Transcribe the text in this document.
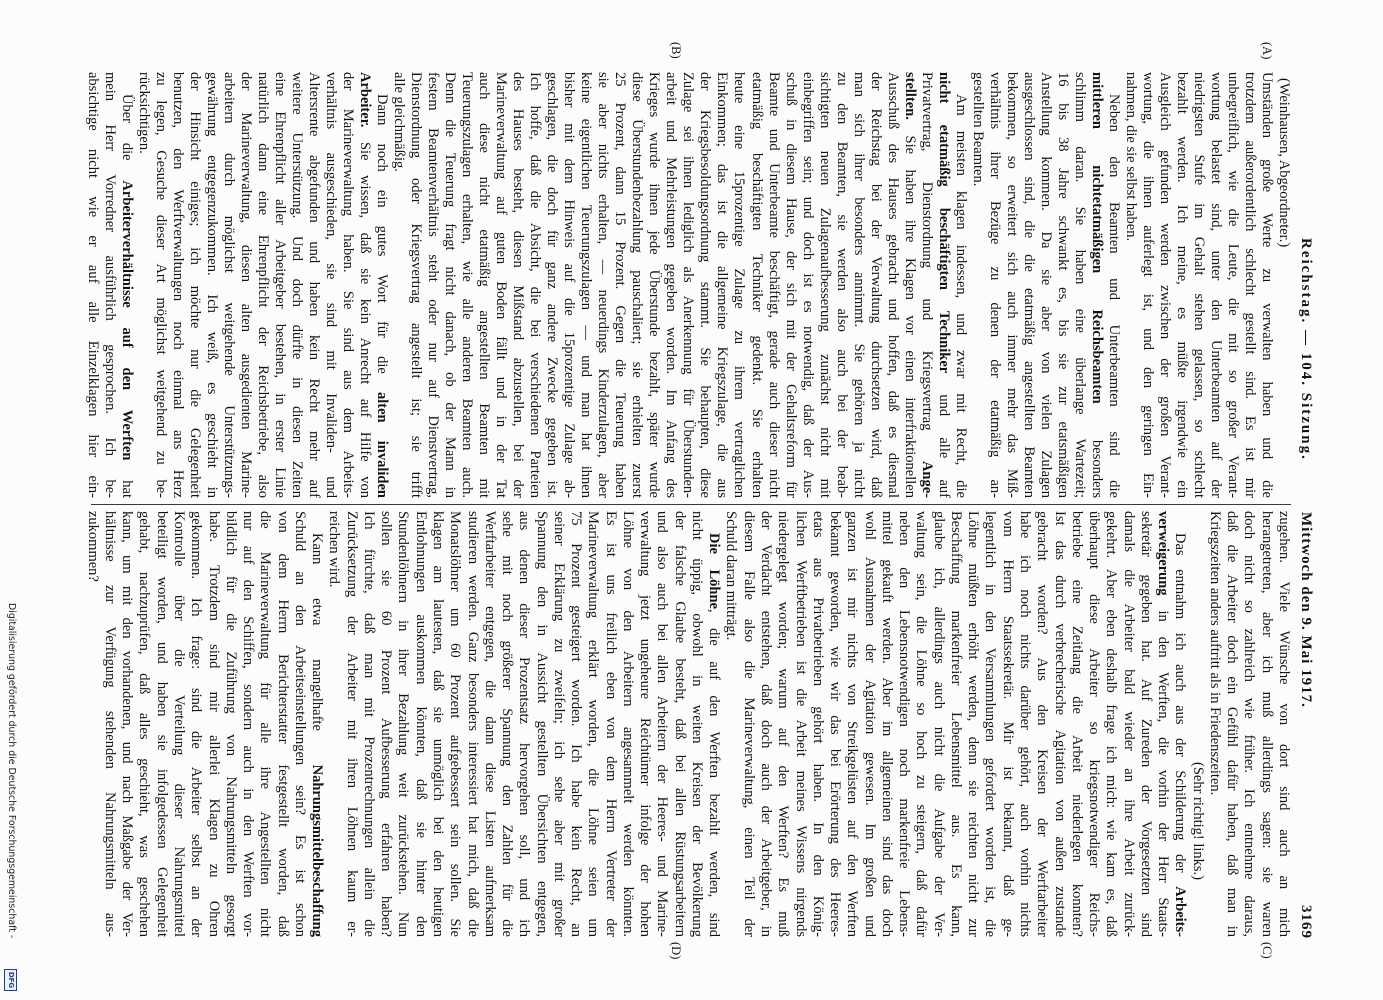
Reichstag. — 104. Sitzung.
Mittwoch den 9. Mai 1917.
3169
(A)
(B)
(C)
(D)
(Weinhausen, Abgeordneter.)
Umständen große Werte zu verwalten haben und die
trotzdem außerordentlich schlecht gestellt sind. Es ist mir
unbegreiflich, wie die Leute, die mit so großer Verant-
wortung belastet sind, unter den Unterbeamten auf der
niedrigsten Stufe im Gehalt stehen gelassen, so schlecht
bezahlt werden. Ich meine, es müßte irgendwie ein
Ausgleich gefunden werden zwischen der großen Verant-
wortung, die ihnen auferlegt ist, und den geringen Ein-
nahmen, die sie selbst haben.
Neben den Beamten und Unterbeamten sind die
mittleren nichtetatmäßigen Reichsbeamten besonders
schlimm daran. Sie haben eine überlange Wartezeit;
16 bis 38 Jahre schwankt es, bis sie zur etatsmäßigen
Anstellung kommen. Da sie aber von vielen Zulagen
ausgeschlossen sind, die die etatmäßig angestellten Beamten
bekommen, so erweitert sich auch immer mehr das Miß-
verhältnis ihrer Bezüge zu denen der etatmäßig an-
gestellten Beamten.
Am meisten klagen indessen, und zwar mit Recht, die
nicht etatmäßig beschäftigten Techniker und alle auf
Privatvertrag, Dienstordnung und Kriegsvertrag Ange-
stellten. Sie haben ihre Klagen vor einen interfraktionellen
Ausschuß des Hauses gebracht und hoffen, daß es diesmal
der Reichstag bei der Verwaltung durchsetzen wird, daß
man sich ihrer besonders annimmt. Sie gehören ja nicht
zu den Beamten, sie werden also auch bei der beab-
sichtigten neuen Zulagenaufbesserung zunächst nicht mit
einbegriffen sein; und doch ist es notwendig, daß der Aus-
schuß in diesem Hause, der sich mit der Gehaltsreform für
Beamte und Unterbeamte beschäftigt, gerade auch dieser nicht
etatmäßig beschäftigten Techniker gedenkt. Sie erhalten
heute eine 15prozentige Zulage zu ihrem vertraglichen
Einkommen; das ist die allgemeine Kriegszulage, die aus
der Kriegsbesoldungsordnung stammt. Sie behaupten, diese
Zulage sei ihnen lediglich als Anerkennung für Überstunden-
arbeit und Mehrleistungen gegeben worden. Im Anfang des
Krieges wurde ihnen jede Überstunde bezahlt, später wurde
diese Überstundenbezahlung pauschaliert; sie erhielten zuerst
25 Prozent, dann 15 Prozent. Gegen die Teuerung haben
sie aber nichts erhalten, — neuerdings Kinderzulagen, aber
keine eigentlichen Teuerungszulagen — und man hat ihnen
bisher mit dem Hinweis auf die 15prozentige Zulage ab-
geschlagen, die doch für ganz andere Zwecke gegeben ist.
Ich hoffe, daß die Absicht, die bei verschiedenen Parteien
des Hauses besteht, diesen Mißstand abzustellen, bei der
Marineverwaltung auf guten Boden fällt und in der Tat
auch diese nicht etatmäßig angestellten Beamten mit
Teuerungszulagen erhalten, wie alle anderen Beamten auch.
Denn die Teuerung fragt nicht danach, ob der Mann in
festem Beamtenverhältnis steht oder nur auf Dienstvertrag,
Dienstordnung oder Kriegsvertrag angestellt ist; sie trifft
alle gleichmäßig.
Dann noch ein gutes Wort für die alten invaliden
Arbeiter. Sie wissen, daß sie kein Anrecht auf Hilfe von
der Marineverwaltung haben. Sie sind aus dem Arbeits-
verhältnis ausgeschieden, sie sind mit Invaliden- und
Altersrente abgefunden und haben kein Recht mehr auf
weitere Unterstützung. Und doch dürfte in diesen Zeiten
eine Ehrenpflicht aller Arbeitgeber bestehen, in erster Linie
natürlich dann eine Ehrenpflicht der Reichsbetriebe, also
der Marineverwaltung, diesen alten ausgedienten Marine-
arbeitern durch möglichst weitgehende Unterstützungs-
gewährung entgegenzukommen. Ich weiß, es geschieht in
der Hinsicht einiges; ich möchte nur die Gelegenheit
benutzen, den Werftverwaltungen noch einmal ans Herz
zu legen, Gesuche dieser Art möglichst weitgehend zu be-
rücksichtigen.
Über die Arbeiterverhältnisse auf den Werften hat
mein Herr Vorredner ausführlich gesprochen. Ich be-
absichtige nicht wie er auf alle Einzelklagen hier ein-
zugehen. Viele Wünsche von dort sind auch an mich
herangetreten, aber ich muß allerdings sagen: sie waren
doch nicht so zahlreich wie früher. Ich entnehme daraus,
daß die Arbeiter doch ein Gefühl dafür haben, daß man in
Kriegszeiten anders auftritt als in Friedenszeiten.
(Sehr richtig! links.)
Das entnahm ich auch aus der Schilderung der Arbeits-
verweigerung in den Werften, die vorhin der Herr Staats-
sekretär gegeben hat. Auf Zureden der Vorgesetzten sind
damals die Arbeiter bald wieder an ihre Arbeit zurück-
gekehrt. Aber eben deshalb frage ich mich: wie kam es, daß
überhaupt diese Arbeiter so kriegsnotwendiger Reichs-
betriebe eine Zeitlang die Arbeit niederlegen konnten?
Ist das durch verbrecherische Agitation von außen zustande
gebracht worden? Aus den Kreisen der Werftarbeiter
habe ich noch nichts darüber gehört, auch vorhin nichts
vom Herrn Staatssekretär. Mir ist bekannt, daß ge-
legentlich in den Versammlungen gefordert worden ist, die
Löhne müßten erhöht werden, denn sie reichten nicht zur
Beschaffung markenfreier Lebensmittel aus. Es kann,
glaube ich, allerdings auch nicht die Aufgabe der Ver-
waltung sein, die Löhne so hoch zu steigern, daß dafür
neben den Lebensnotwendigen noch markenfreie Lebens-
mittel gekauft werden. Aber im allgemeinen sind das doch
wohl Ausnahmen der Agitation gewesen. Im großen und
ganzen ist mir nichts von Streikgelüsten auf den Werften
bekannt geworden, wie wir das bei Erörterung des Heeres-
etats aus Privatbetrieben gehört haben. In den König-
lichen Werftbetrieben ist die Arbeit meines Wissens nirgends
niedergelegt worden; warum auf den Werften? Es muß
der Verdacht entstehen, daß doch auch der Arbeitgeber, in
diesem Falle also die Marineverwaltung, einen Teil der
Schuld daran mitträgt.
Die Löhne, die auf den Werften bezahlt werden, sind
nicht üppig, obwohl in weiten Kreisen der Bevölkerung
der falsche Glaube besteht, daß bei allen Rüstungsarbeitern
und also auch bei allen Arbeitern der Heeres- und Marine-
verwaltung jetzt ungeheure Reichtümer infolge der hohen
Löhne von den Arbeitern angesammelt werden könnten.
Es ist uns freilich eben von dem Herrn Vertreter der
Marineverwaltung erklärt worden, die Löhne seien um
75 Prozent gesteigert worden. Ich habe kein Recht, an
seiner Erklärung zu zweifeln; ich sehe aber mit großer
Spannung den in Aussicht gestellten Übersichten entgegen,
aus denen dieser Prozentsatz hervorgehen soll, und ich
sehe mit noch größerer Spannung den Zahlen für die
Werftarbeiter entgegen, die dann diese Listen aufmerksam
studieren werden. Ganz besonders interessiert hat mich, daß die
Monatslöhner um 60 Prozent aufgebessert sein sollen. Sie
klagen am lautesten, daß sie unmöglich bei den heutigen
Entlohnungen auskommen könnten, daß sie hinter den
Stundenlöhnern in ihrer Bezahlung weit zurückstehen. Nun
sollen sie 60 Prozent Aufbesserung erfahren haben?
Ich fürchte, daß man mit Prozentrechnungen allein die
Zurücksetzung der Arbeiter mit ihren Löhnen kaum er-
reichen wird.
Kann etwa mangelhafte Nahrungsmittelbeschaffung
Schuld an den Arbeitseinstellungen sein? Es ist schon
von dem Herrn Berichterstatter festgestellt worden, daß
die Marineverwaltung für alle ihre Angestellten nicht
nur auf den Schiffen, sondern auch in den Werften vor-
bildlich für die Zuführung von Nahrungsmitteln gesorgt
habe. Trotzdem sind mir allerlei Klagen zu Ohren
gekommen. Ich frage: sind die Arbeiter selbst an der
Kontrolle über die Verteilung dieser Nahrungsmittel
beteiligt worden, und haben sie infolgedessen Gelegenheit
gehabt, nachzuprüfen, daß alles geschieht, was geschehen
kann, um mit den vorhandenen, und nach Maßgabe der Ver-
hältnisse zur Verfügung stehenden Nahrungsmitteln aus-
zukommen?
Digitalisierung gefördert durch die Deutsche Forschungsgemeinschaft -
DFG
